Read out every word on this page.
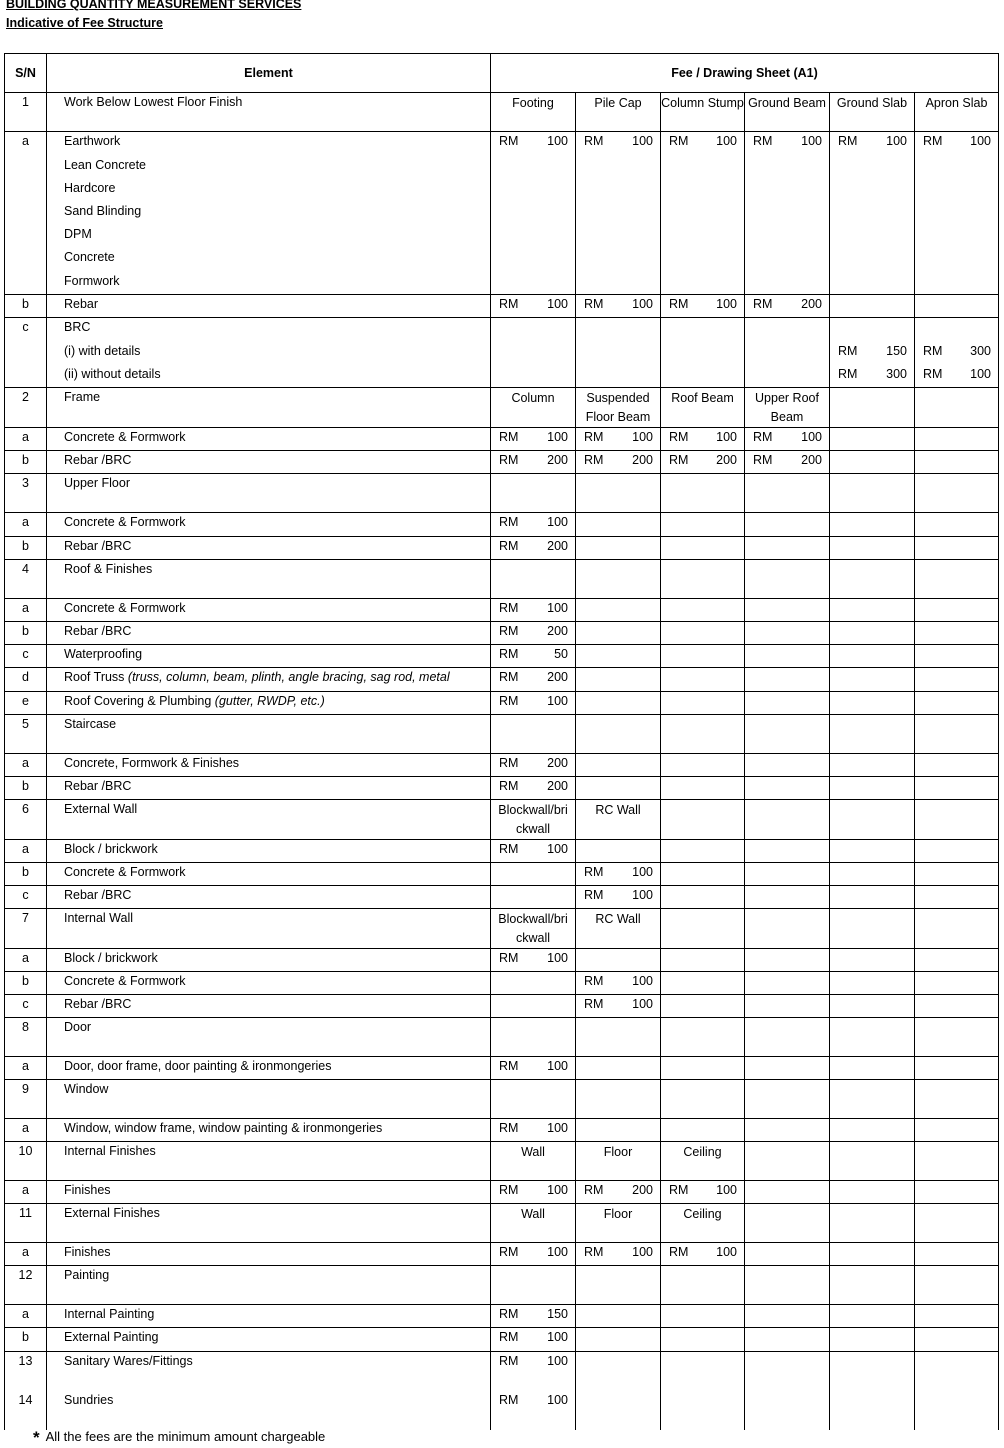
BUILDING QUANTITY MEASUREMENT SERVICES
Indicative of Fee Structure
S/N	Element	Fee / Drawing Sheet (A1)					
1	Work Below Lowest Floor Finish	Footing	Pile Cap	Column Stump	Ground Beam	Ground Slab	Apron Slab
a	Earthwork	RM 100	RM 100	RM 100	RM 100	RM 100	RM 100

	Lean Concrete						
	Hardcore						
	Sand Blinding						
	DPM						
	Concrete						
	Formwork						
b	Rebar	RM 100	RM 100	RM 100	RM 200		

c	BRC						
	(i) with details					RM 150	RM 300

	(ii) without details					RM 300	RM 100

2	Frame	Column	Suspended Floor Beam	Roof Beam	Upper Roof Beam		
a	Concrete & Formwork	RM 100	RM 100	RM 100	RM 100		

b	Rebar /BRC	RM 200	RM 200	RM 200	RM 200		

3	Upper Floor						
a	Concrete & Formwork	RM 100					

b	Rebar /BRC	RM 200					

4	Roof & Finishes						
a	Concrete & Formwork	RM 100					

b	Rebar /BRC	RM 200					

c	Waterproofing	RM 50					

d	Roof Truss (truss, column, beam, plinth, angle bracing, sag rod, metal	RM 200					

e	Roof Covering & Plumbing (gutter, RWDP, etc.)	RM 100					

5	Staircase						
a	Concrete, Formwork & Finishes	RM 200					

b	Rebar /BRC	RM 200					

6	External Wall	Blockwall/bri ckwall	RC Wall				
a	Block / brickwork	RM 100					

b	Concrete & Formwork		RM 100				

c	Rebar /BRC		RM 100				

7	Internal Wall	Blockwall/bri ckwall	RC Wall				
a	Block / brickwork	RM 100					

b	Concrete & Formwork		RM 100				

c	Rebar /BRC		RM 100				

8	Door						
a	Door, door frame, door painting & ironmongeries	RM 100					

9	Window						
a	Window, window frame, window painting & ironmongeries	RM 100					

10	Internal Finishes	Wall	Floor	Ceiling			
a	Finishes	RM 100	RM 200	RM 100			

11	External Finishes	Wall	Floor	Ceiling			
a	Finishes	RM 100	RM 100	RM 100			

12	Painting						
a	Internal Painting	RM 150					

b	External Painting	RM 100					

13	Sanitary Wares/Fittings	RM 100					

14	Sundries	RM 100					

* All the fees are the minimum amount chargeable
